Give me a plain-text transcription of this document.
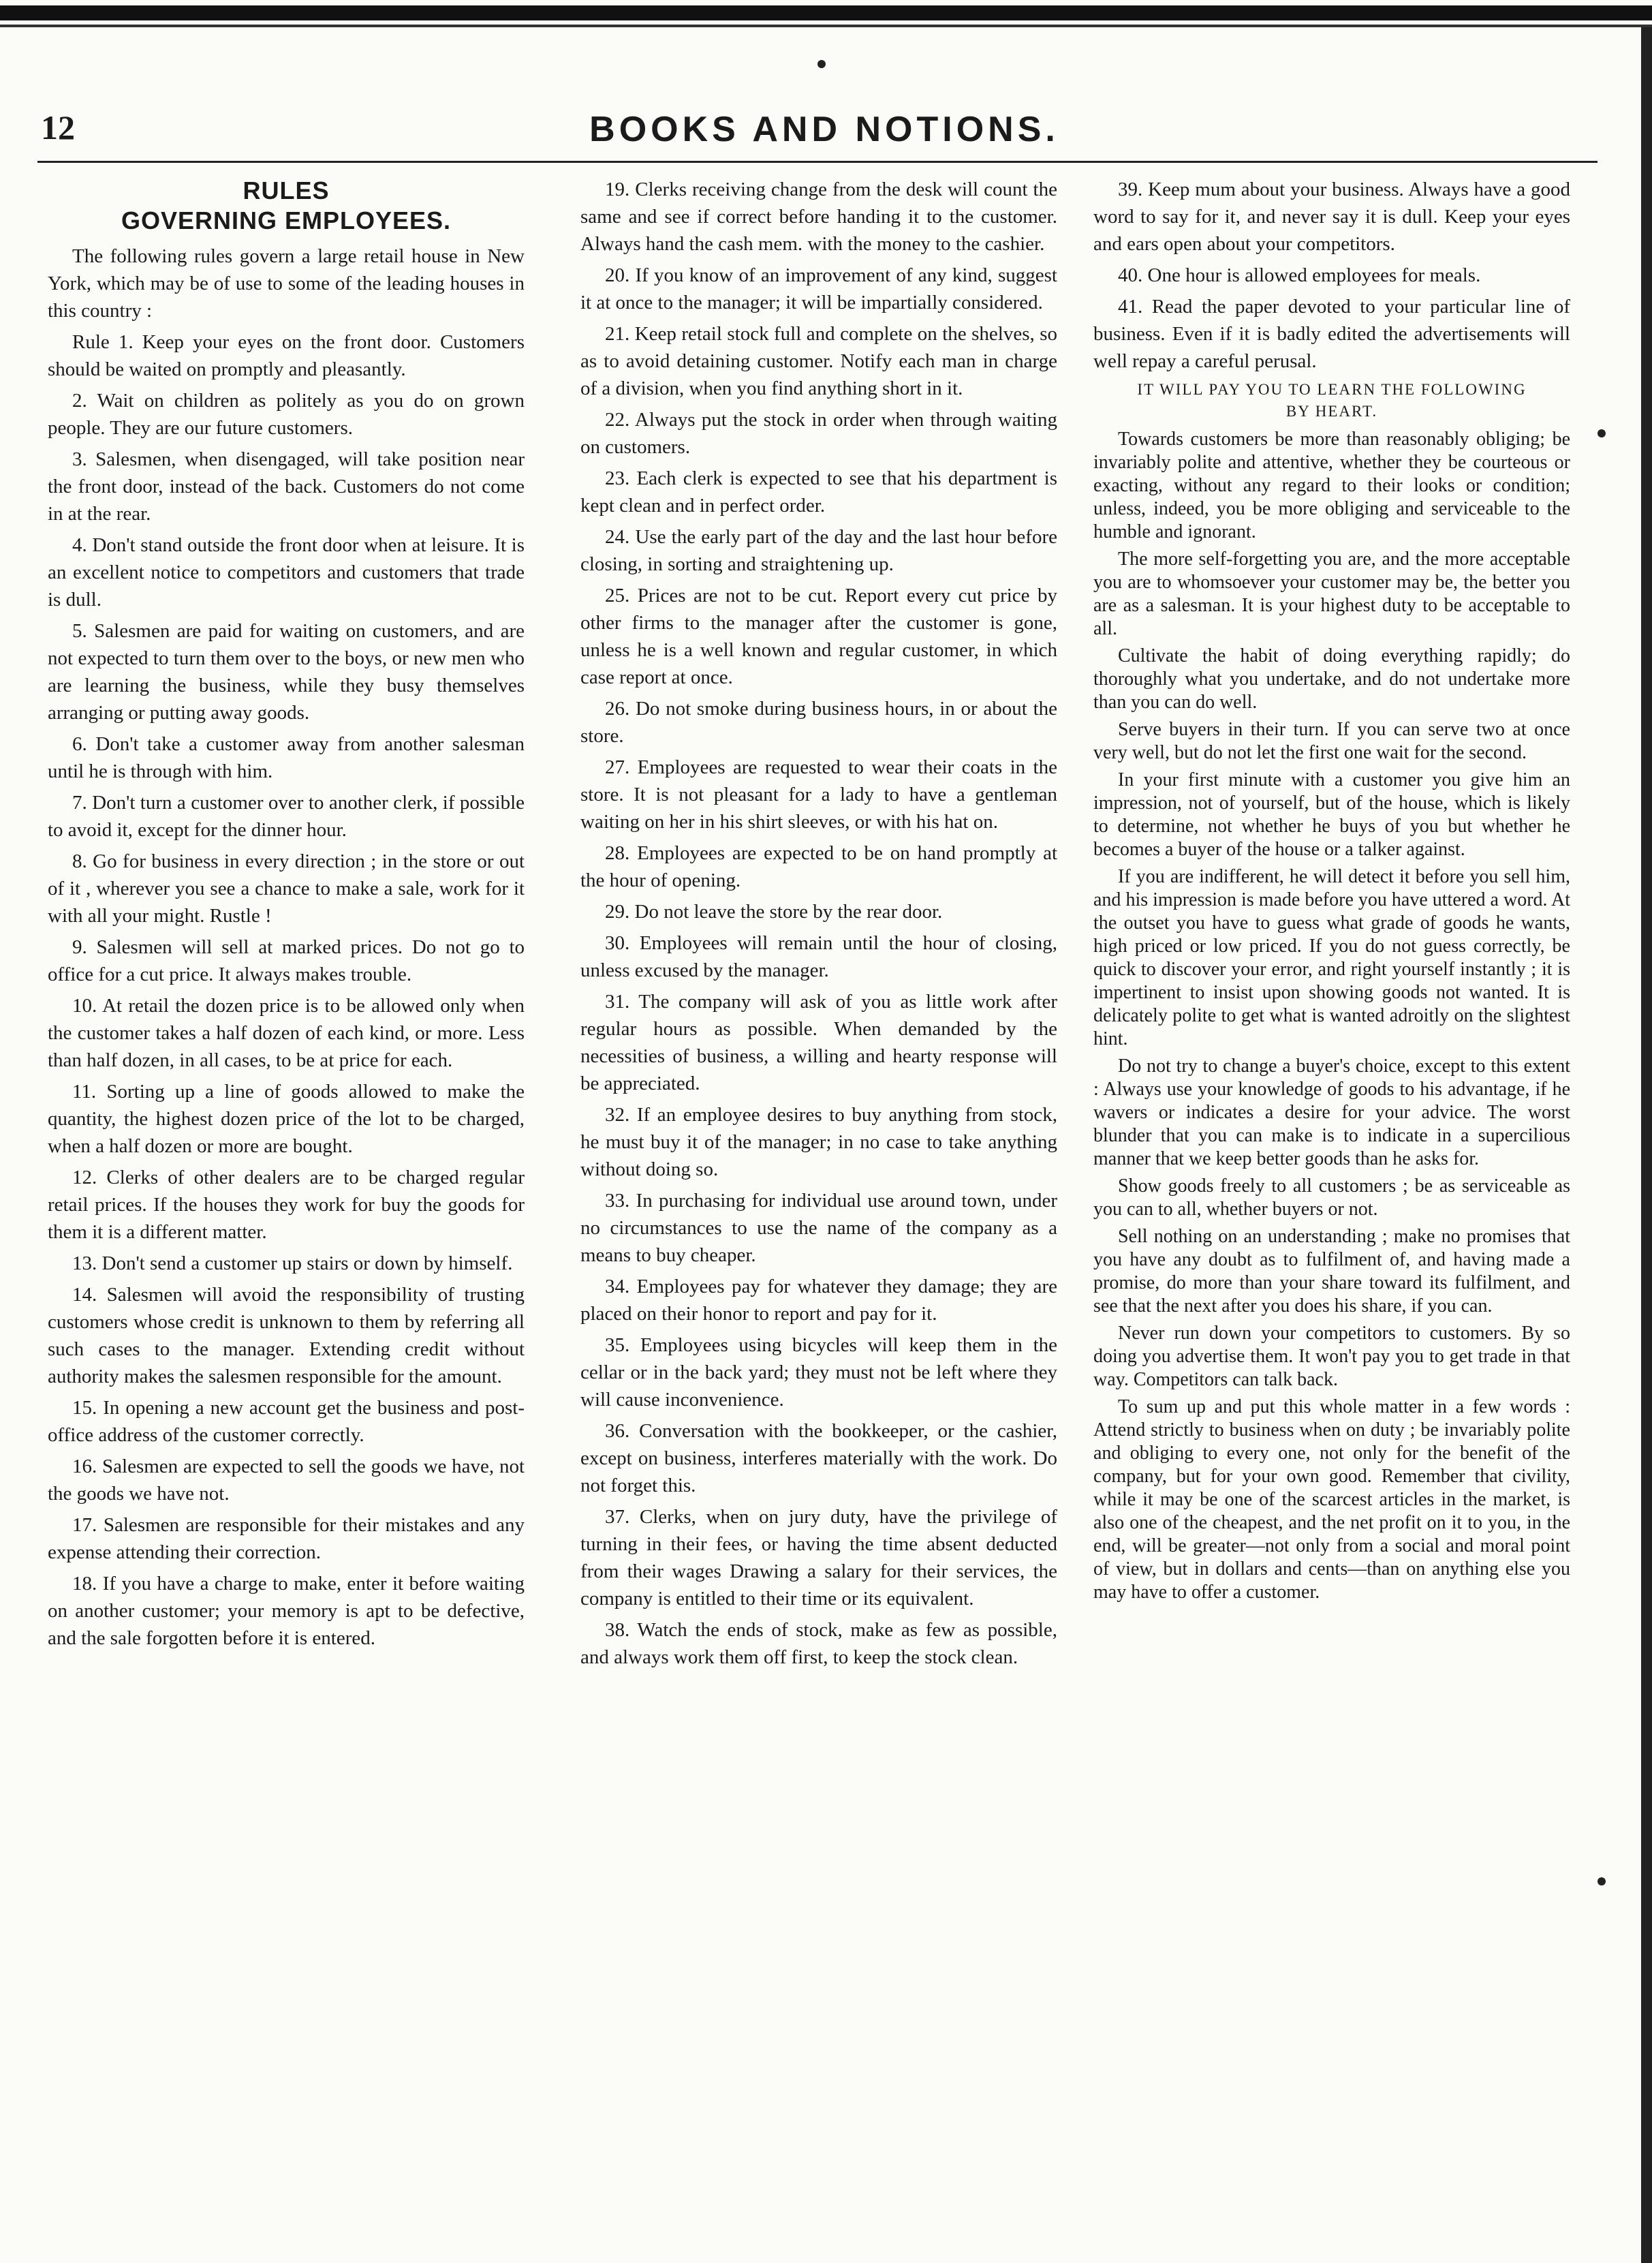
12	BOOKS AND NOTIONS.
RULES
GOVERNING EMPLOYEES.

The following rules govern a large retail house in New York, which may be of use to some of the leading houses in this country :

Rule 1. Keep your eyes on the front door. Customers should be waited on promptly and pleasantly.

2. Wait on children as politely as you do on grown people. They are our future customers.

3. Salesmen, when disengaged, will take position near the front door, instead of the back. Customers do not come in at the rear.

4. Don't stand outside the front door when at leisure. It is an excellent notice to competitors and customers that trade is dull.

5. Salesmen are paid for waiting on customers, and are not expected to turn them over to the boys, or new men who are learning the business, while they busy themselves arranging or putting away goods.

6. Don't take a customer away from another salesman until he is through with him.

7. Don't turn a customer over to another clerk, if possible to avoid it, except for the dinner hour.

8. Go for business in every direction ; in the store or out of it , wherever you see a chance to make a sale, work for it with all your might. Rustle !

9. Salesmen will sell at marked prices. Do not go to office for a cut price. It always makes trouble.

10. At retail the dozen price is to be allowed only when the customer takes a half dozen of each kind, or more. Less than half dozen, in all cases, to be at price for each.

11. Sorting up a line of goods allowed to make the quantity, the highest dozen price of the lot to be charged, when a half dozen or more are bought.

12. Clerks of other dealers are to be charged regular retail prices. If the houses they work for buy the goods for them it is a different matter.

13. Don't send a customer up stairs or down by himself.

14. Salesmen will avoid the responsibility of trusting customers whose credit is unknown to them by referring all such cases to the manager. Extending credit without authority makes the salesmen responsible for the amount.

15. In opening a new account get the business and post-office address of the customer correctly.

16. Salesmen are expected to sell the goods we have, not the goods we have not.

17. Salesmen are responsible for their mistakes and any expense attending their correction.

18. If you have a charge to make, enter it before waiting on another customer; your memory is apt to be defective, and the sale forgotten before it is entered.

19. Clerks receiving change from the desk will count the same and see if correct before handing it to the customer. Always hand the cash mem. with the money to the cashier.

20. If you know of an improvement of any kind, suggest it at once to the manager; it will be impartially considered.

21. Keep retail stock full and complete on the shelves, so as to avoid detaining customer. Notify each man in charge of a division, when you find anything short in it.

22. Always put the stock in order when through waiting on customers.

23. Each clerk is expected to see that his department is kept clean and in perfect order.

24. Use the early part of the day and the last hour before closing, in sorting and straightening up.

25. Prices are not to be cut. Report every cut price by other firms to the manager after the customer is gone, unless he is a well known and regular customer, in which case report at once.

26. Do not smoke during business hours, in or about the store.

27. Employees are requested to wear their coats in the store. It is not pleasant for a lady to have a gentleman waiting on her in his shirt sleeves, or with his hat on.

28. Employees are expected to be on hand promptly at the hour of opening.

29. Do not leave the store by the rear door.

30. Employees will remain until the hour of closing, unless excused by the manager.

31. The company will ask of you as little work after regular hours as possible. When demanded by the necessities of business, a willing and hearty response will be appreciated.

32. If an employee desires to buy anything from stock, he must buy it of the manager; in no case to take anything without doing so.

33. In purchasing for individual use around town, under no circumstances to use the name of the company as a means to buy cheaper.

34. Employees pay for whatever they damage; they are placed on their honor to report and pay for it.

35. Employees using bicycles will keep them in the cellar or in the back yard; they must not be left where they will cause inconvenience.

36. Conversation with the bookkeeper, or the cashier, except on business, interferes materially with the work. Do not forget this.

37. Clerks, when on jury duty, have the privilege of turning in their fees, or having the time absent deducted from their wages Drawing a salary for their services, the company is entitled to their time or its equivalent.

38. Watch the ends of stock, make as few as possible, and always work them off first, to keep the stock clean.

39. Keep mum about your business. Always have a good word to say for it, and never say it is dull. Keep your eyes and ears open about your competitors.

40. One hour is allowed employees for meals.

41. Read the paper devoted to your particular line of business. Even if it is badly edited the advertisements will well repay a careful perusal.

IT WILL PAY YOU TO LEARN THE FOLLOWING
BY HEART.

Towards customers be more than reasonably obliging; be invariably polite and attentive, whether they be courteous or exacting, without any regard to their looks or condition; unless, indeed, you be more obliging and serviceable to the humble and ignorant.

The more self-forgetting you are, and the more acceptable you are to whomsoever your customer may be, the better you are as a salesman. It is your highest duty to be acceptable to all.

Cultivate the habit of doing everything rapidly; do thoroughly what you undertake, and do not undertake more than you can do well.

Serve buyers in their turn. If you can serve two at once very well, but do not let the first one wait for the second.

In your first minute with a customer you give him an impression, not of yourself, but of the house, which is likely to determine, not whether he buys of you but whether he becomes a buyer of the house or a talker against.

If you are indifferent, he will detect it before you sell him, and his impression is made before you have uttered a word. At the outset you have to guess what grade of goods he wants, high priced or low priced. If you do not guess correctly, be quick to discover your error, and right yourself instantly ; it is impertinent to insist upon showing goods not wanted. It is delicately polite to get what is wanted adroitly on the slightest hint.

Do not try to change a buyer's choice, except to this extent : Always use your knowledge of goods to his advantage, if he wavers or indicates a desire for your advice. The worst blunder that you can make is to indicate in a supercilious manner that we keep better goods than he asks for.

Show goods freely to all customers ; be as serviceable as you can to all, whether buyers or not.

Sell nothing on an understanding ; make no promises that you have any doubt as to fulfilment of, and having made a promise, do more than your share toward its fulfilment, and see that the next after you does his share, if you can.

Never run down your competitors to customers. By so doing you advertise them. It won't pay you to get trade in that way. Competitors can talk back.

To sum up and put this whole matter in a few words : Attend strictly to business when on duty ; be invariably polite and obliging to every one, not only for the benefit of the company, but for your own good. Remember that civility, while it may be one of the scarcest articles in the market, is also one of the cheapest, and the net profit on it to you, in the end, will be greater—not only from a social and moral point of view, but in dollars and cents—than on anything else you may have to offer a customer.
